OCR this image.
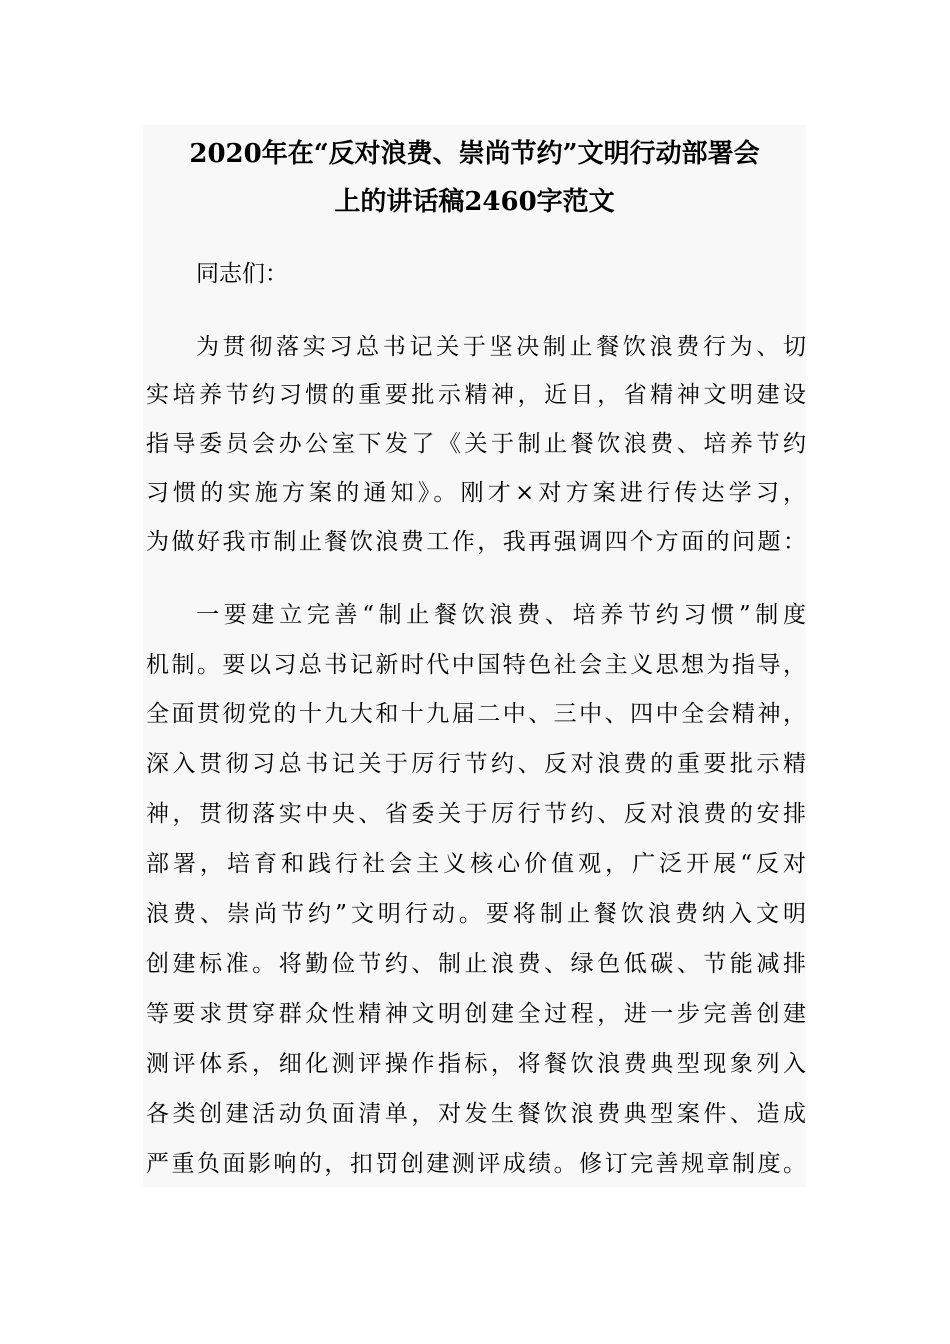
2020年在“反对浪费、崇尚节约”文明行动部署会
上的讲话稿2460字范文
同志们：
为贯彻落实习总书记关于坚决制止餐饮浪费行为、切
实培养节约习惯的重要批示精神，近日，省精神文明建设
指导委员会办公室下发了《关于制止餐饮浪费、培养节约
习惯的实施方案的通知》。刚才×对方案进行传达学习，
为做好我市制止餐饮浪费工作，我再强调四个方面的问题：
一要建立完善“制止餐饮浪费、培养节约习惯”制度
机制。要以习总书记新时代中国特色社会主义思想为指导，
全面贯彻党的十九大和十九届二中、三中、四中全会精神，
深入贯彻习总书记关于厉行节约、反对浪费的重要批示精
神，贯彻落实中央、省委关于厉行节约、反对浪费的安排
部署，培育和践行社会主义核心价值观，广泛开展“反对
浪费、崇尚节约”文明行动。要将制止餐饮浪费纳入文明
创建标准。将勤俭节约、制止浪费、绿色低碳、节能减排
等要求贯穿群众性精神文明创建全过程，进一步完善创建
测评体系，细化测评操作指标，将餐饮浪费典型现象列入
各类创建活动负面清单，对发生餐饮浪费典型案件、造成
严重负面影响的，扣罚创建测评成绩。修订完善规章制度。
